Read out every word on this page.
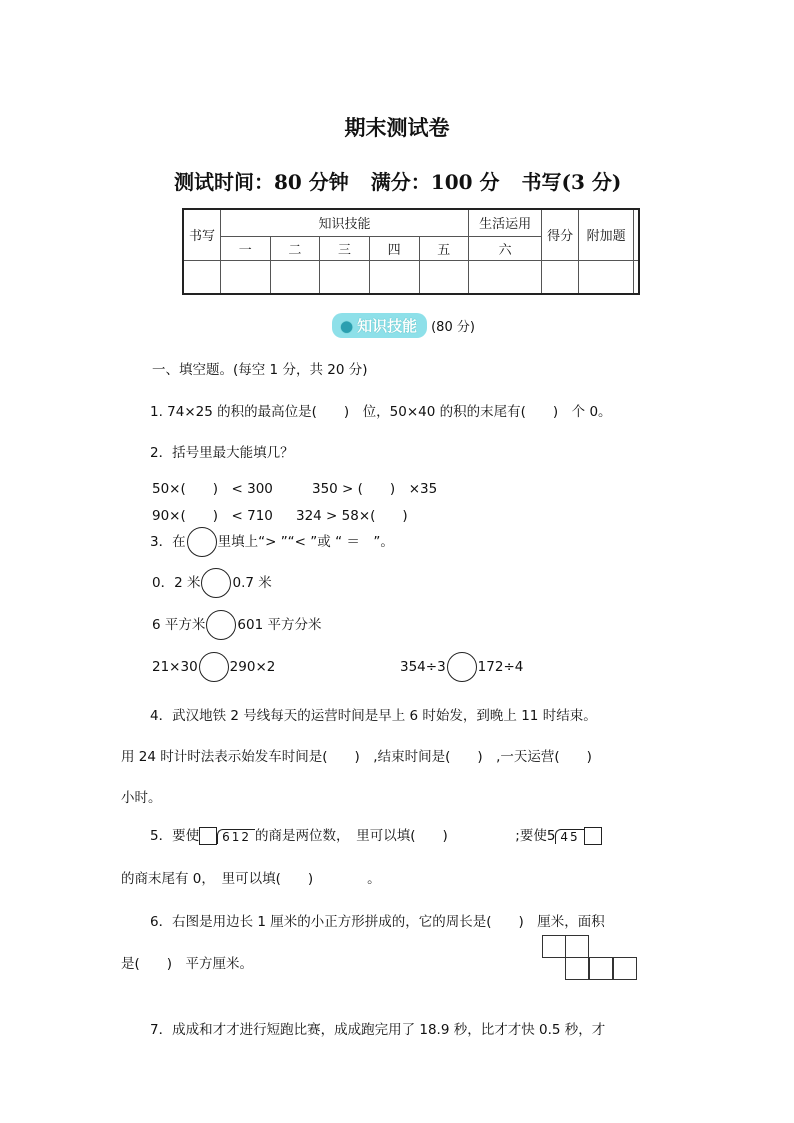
期末测试卷
测试时间：80 分钟 满分：100 分 书写(3 分)
书写	知识技能					生活运用	得分	附加题	
	一	二	三	四	五	六			

● 知识技能 (80 分)
一、填空题。(每空 1 分，共 20 分)
1. 74×25 的积的最高位是(　　)　位，50×40 的积的末尾有(　　)　个 0。
2．括号里最大能填几？
50×(　　)　< 300	350 > (　　)　×35
90×(　　)　< 710 324 > 58×(　　)
3．在 里填上“> ”“< ”或 “ ＝　”。
0．2 米 0.7 米
6 平方米 601 平方分米
21×30 290×2	354÷3 172÷4
4．武汉地铁 2 号线每天的运营时间是早上 6 时始发，到晚上 11 时结束。
用 24 时计时法表示始发车时间是(　　)　,结束时间是(　　)　,一天运营(　　)
小时。
5．要使 612 的商是两位数，　里可以填(　　)　　　　　;要使5 45
的商末尾有 0，　里可以填(　　)　　　　。
6．右图是用边长 1 厘米的小正方形拼成的，它的周长是(　　)　厘米，面积
是(　　)　平方厘米。
7．成成和才才进行短跑比赛，成成跑完用了 18.9 秒，比才才快 0.5 秒，才
